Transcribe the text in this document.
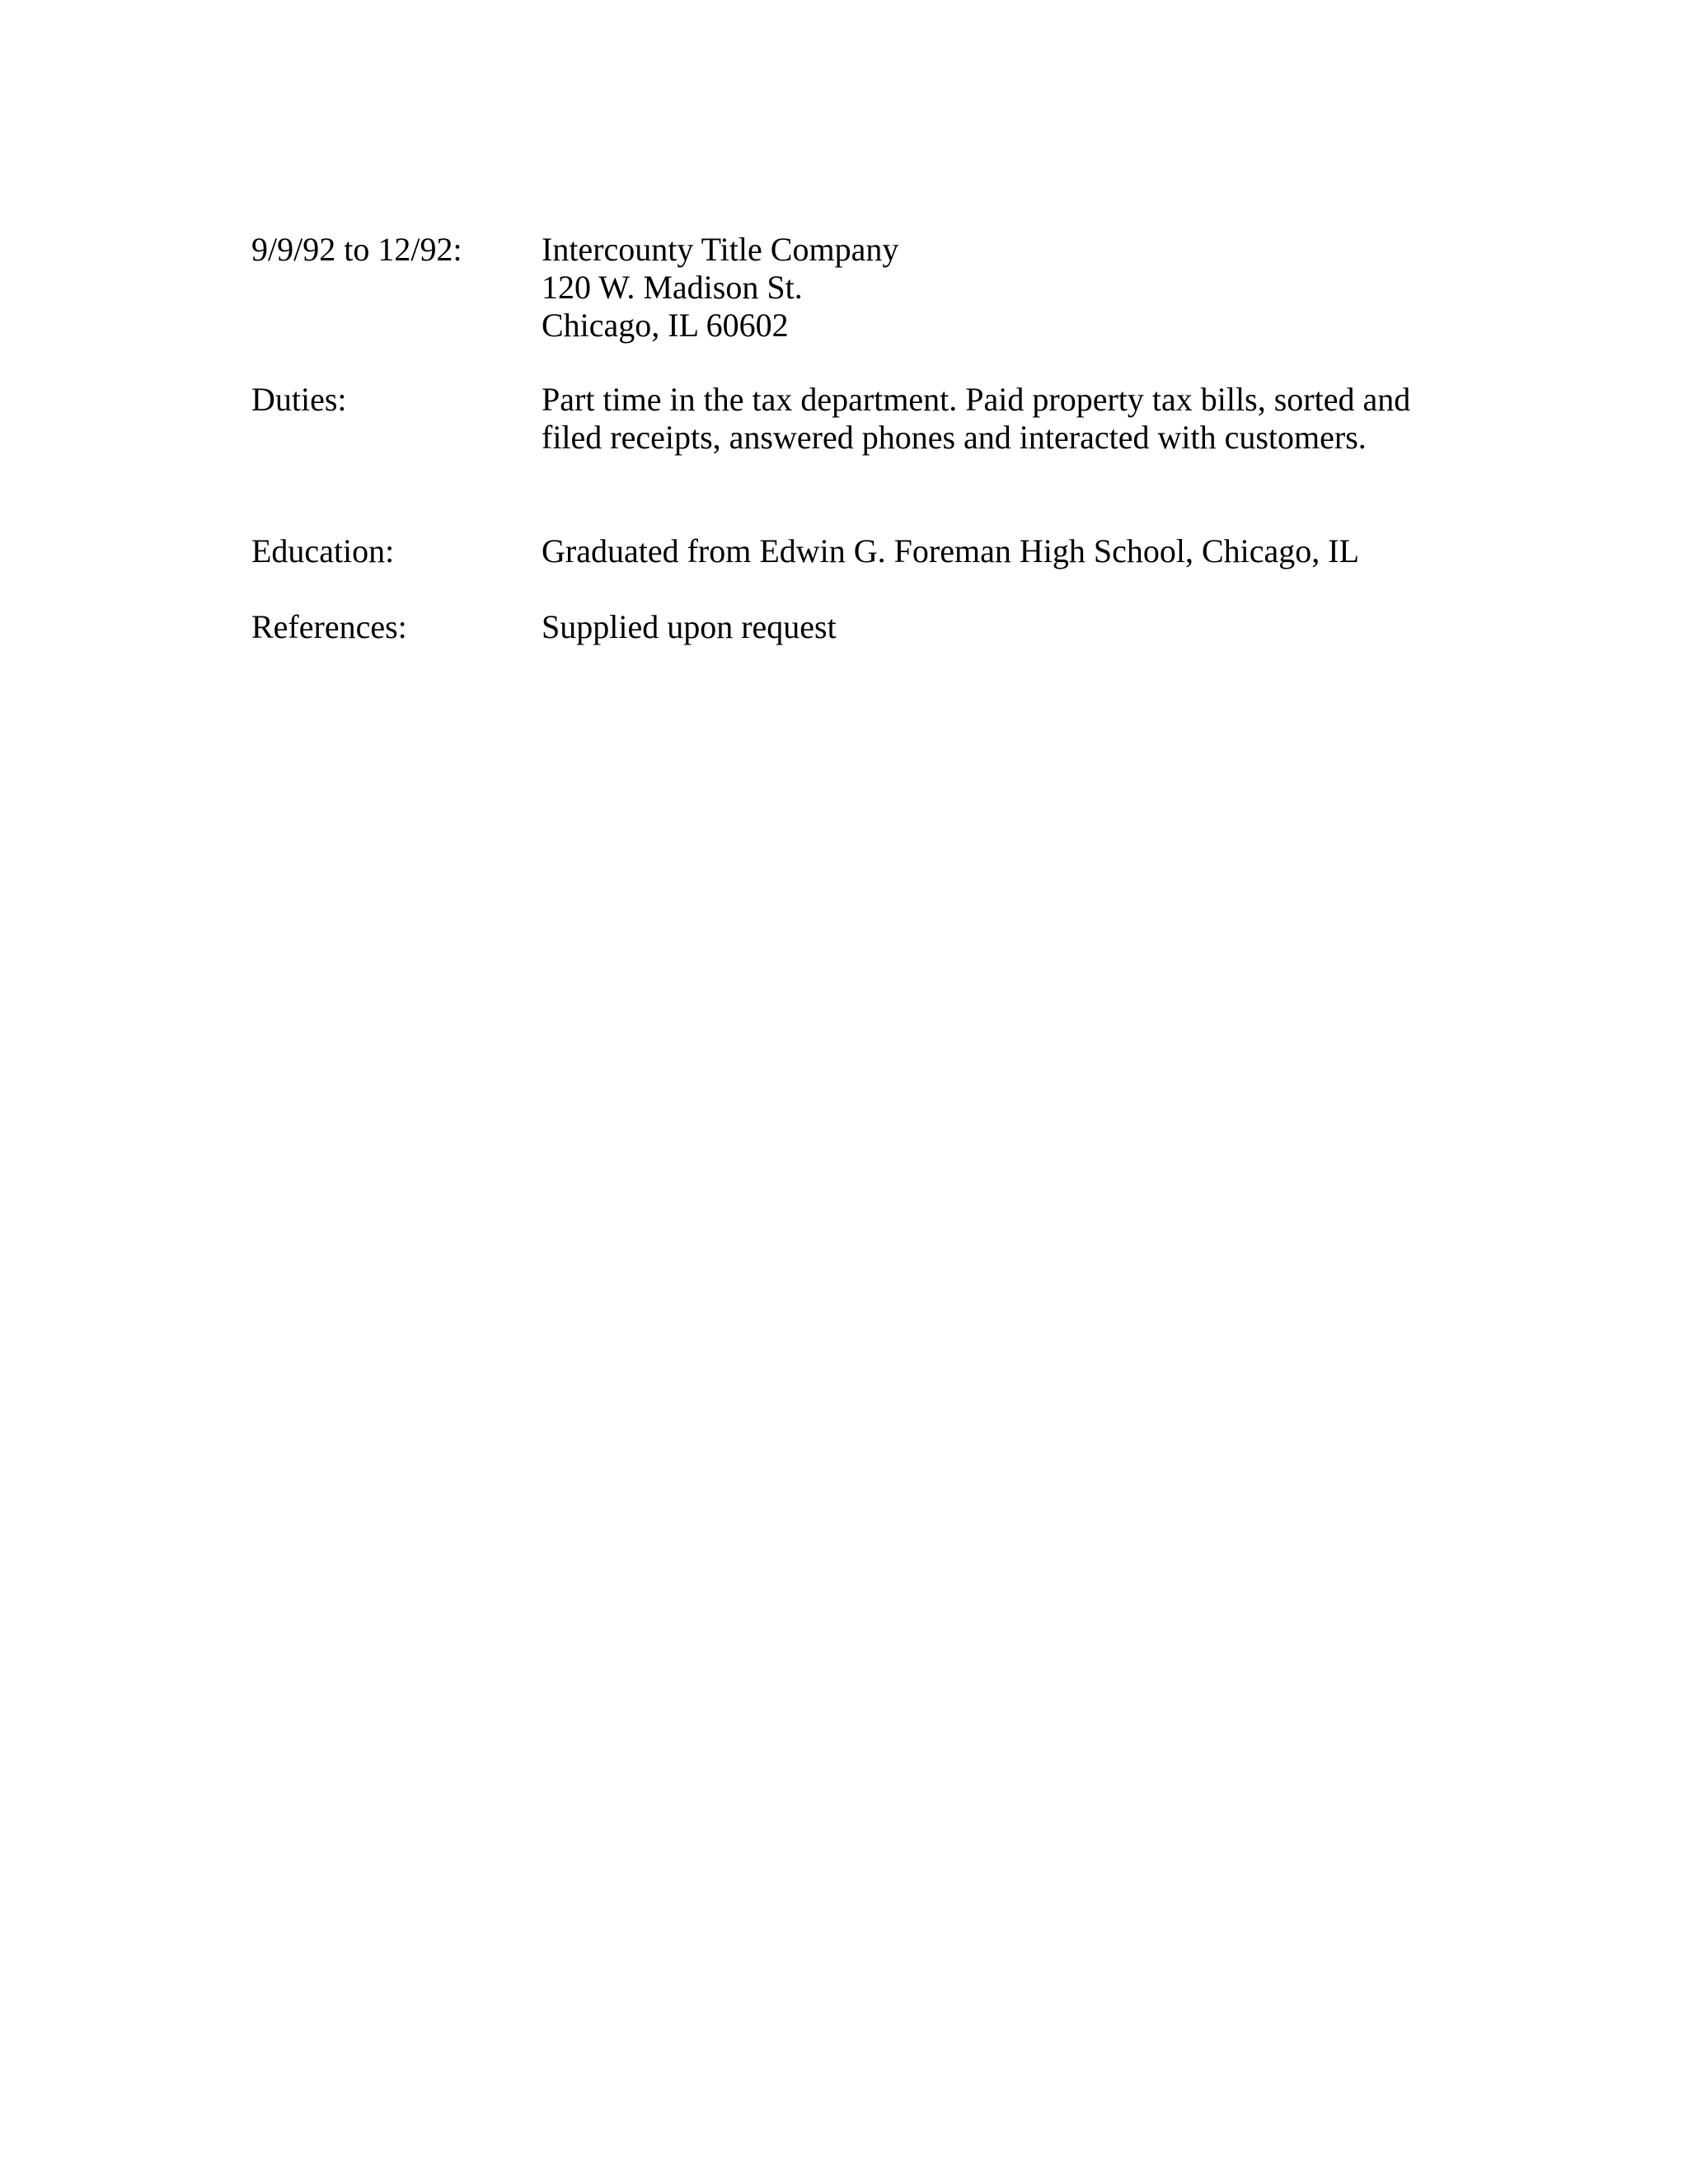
9/9/92 to 12/92: Intercounty Title Company
120 W. Madison St.
Chicago, IL 60602
Duties:	Part time in the tax department. Paid property tax bills, sorted and
filed receipts, answered phones and interacted with customers.
Education:	Graduated from Edwin G. Foreman High School, Chicago, IL
References:	Supplied upon request
